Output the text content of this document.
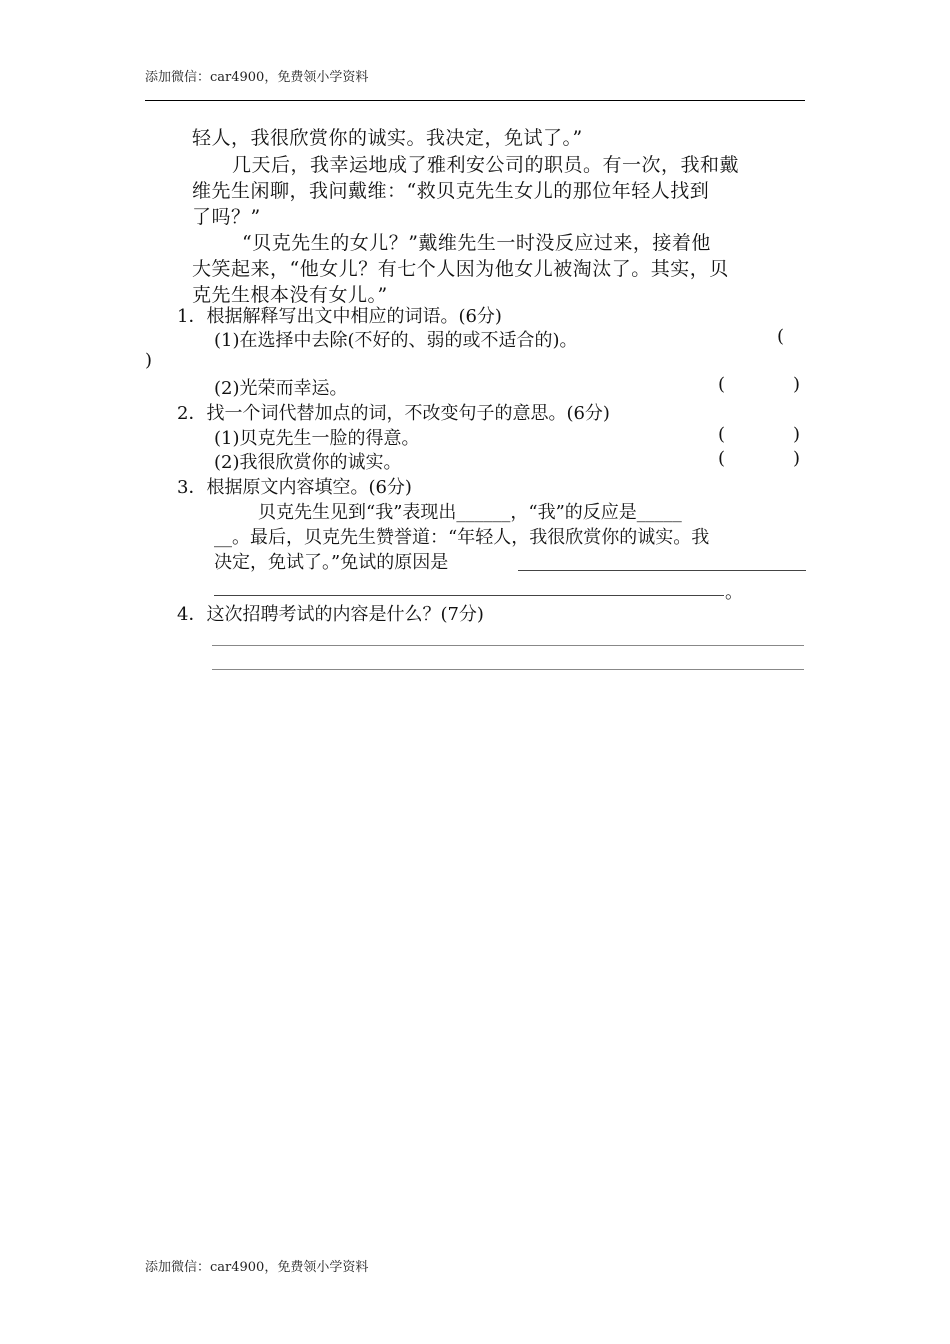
添加微信：car4900，免费领小学资料
轻人，我很欣赏你的诚实。我决定，免试了。”
几天后，我幸运地成了雅利安公司的职员。有一次，我和戴
维先生闲聊，我问戴维：“救贝克先生女儿的那位年轻人找到
了吗？”
“贝克先生的女儿？”戴维先生一时没反应过来，接着他
大笑起来，“他女儿？有七个人因为他女儿被淘汰了。其实，贝
克先生根本没有女儿。”
1．根据解释写出文中相应的词语。(6分)
(1)在选择中去除(不好的、弱的或不适合的)。	(
)
(2)光荣而幸运。	(	)
2．找一个词代替加点的词，不改变句子的意思。(6分)
(1)贝克先生一脸的得意。	(	)
(2)我很欣赏你的诚实。	(	)
3．根据原文内容填空。(6分)
贝克先生见到“我”表现出______，“我”的反应是_____
__。最后，贝克先生赞誉道：“年轻人，我很欣赏你的诚实。我
决定，免试了。”免试的原因是
。
4．这次招聘考试的内容是什么？(7分)
添加微信：car4900，免费领小学资料
